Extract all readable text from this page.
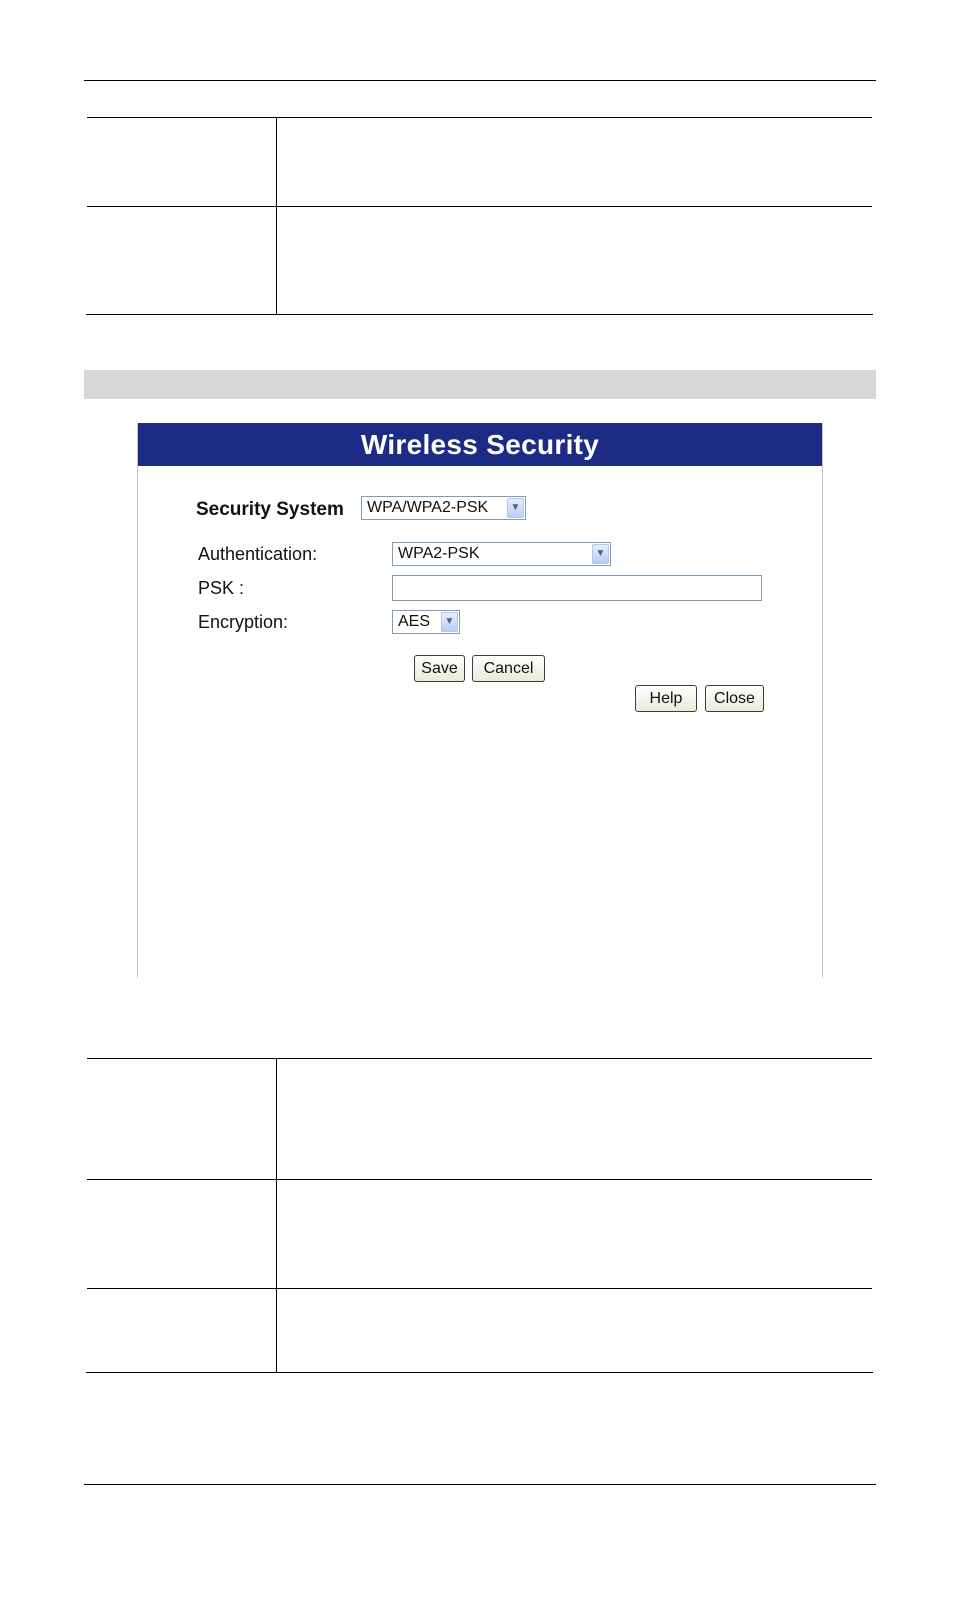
Wireless Security
Security System	WPA/WPA2-PSK	▼
Authentication:	WPA2-PSK	▼
PSK :
Encryption:	AES	▼
Save	Cancel
Help	Close
